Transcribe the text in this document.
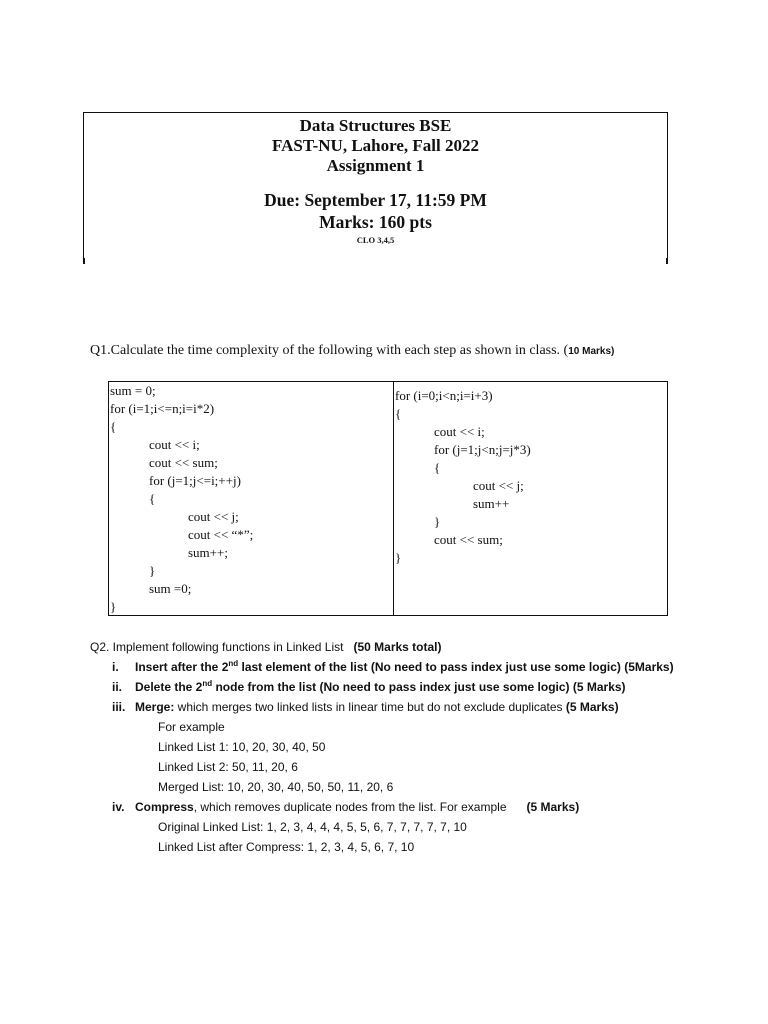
Data Structures BSE
FAST-NU, Lahore, Fall 2022
Assignment 1
Due: September 17, 11:59 PM
Marks: 160 pts
CLO 3,4,5
Q1.Calculate the time complexity of the following with each step as shown in class. (10 Marks)
sum = 0;
for (i=1;i<=n;i=i*2)
{
cout << i;
cout << sum;
for (j=1;j<=i;++j)
{
cout << j;
cout << “*”;
sum++;
}
sum =0;
}
for (i=0;i<n;i=i+3)
{
cout << i;
for (j=1;j<n;j=j*3)
{
cout << j;
sum++
}
cout << sum;
}
Q2. Implement following functions in Linked List (50 Marks total)
i. Insert after the 2nd last element of the list (No need to pass index just use some logic) (5Marks)
ii. Delete the 2nd node from the list (No need to pass index just use some logic) (5 Marks)
iii. Merge: which merges two linked lists in linear time but do not exclude duplicates (5 Marks)
For example
Linked List 1: 10, 20, 30, 40, 50
Linked List 2: 50, 11, 20, 6
Merged List: 10, 20, 30, 40, 50, 50, 11, 20, 6
iv. Compress, which removes duplicate nodes from the list. For example (5 Marks)
Original Linked List: 1, 2, 3, 4, 4, 4, 5, 5, 6, 7, 7, 7, 7, 7, 10
Linked List after Compress: 1, 2, 3, 4, 5, 6, 7, 10
